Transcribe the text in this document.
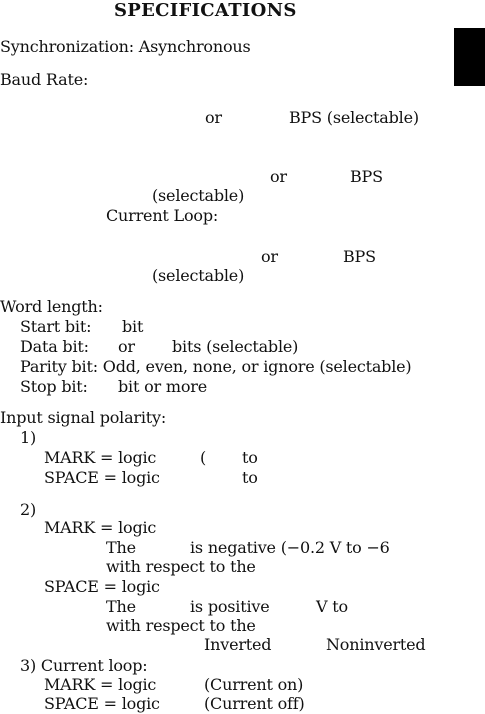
SPECIFICATIONS
Synchronization: Asynchronous
Baud Rate:
or	BPS (selectable)
or	BPS
(selectable)
Current Loop:
or	BPS
(selectable)
Word length:
Start bit: bit
Data bit: or bits (selectable)
Parity bit: Odd, even, none, or ignore (selectable)
Stop bit: bit or more
Input signal polarity:
1)
MARK = logic	( to
SPACE = logic	to
2)
MARK = logic
The	is negative (−0.2 V to −6
with respect to the
SPACE = logic
The	is positive	V to
with respect to the
Inverted	Noninverted
3) Current loop:
MARK = logic	(Current on)
SPACE = logic	(Current off)
